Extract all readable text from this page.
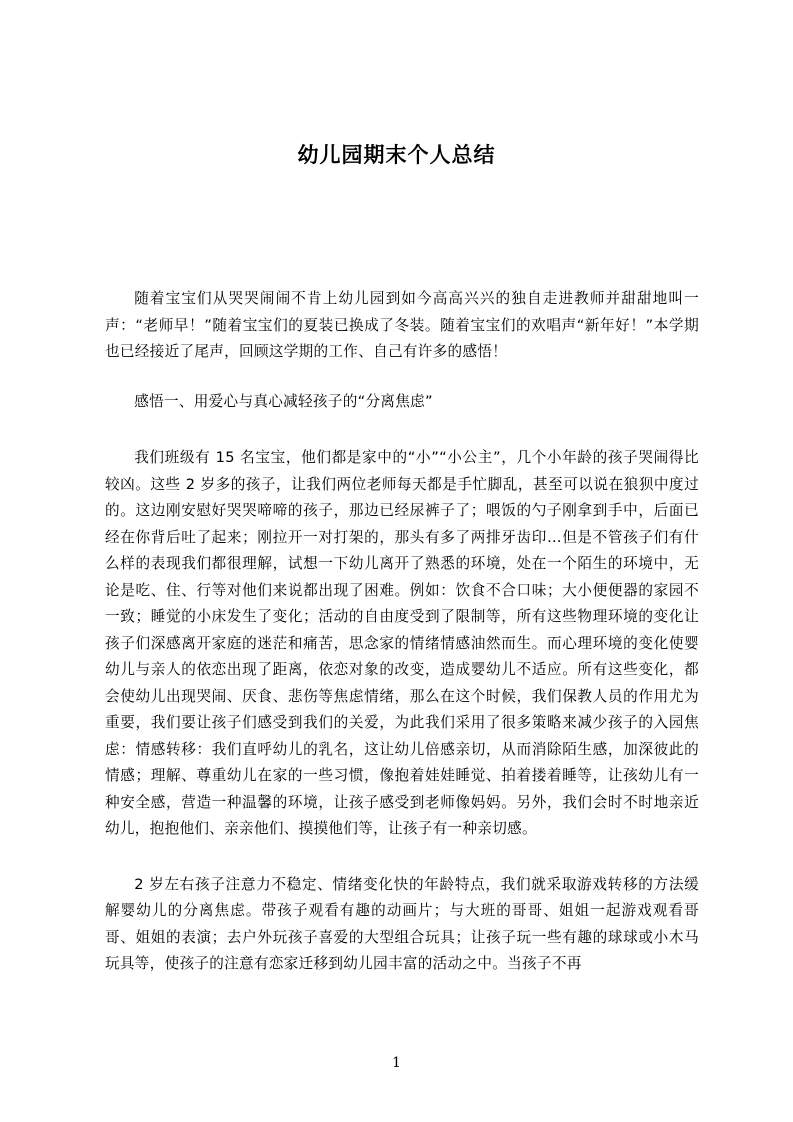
幼儿园期末个人总结

随着宝宝们从哭哭闹闹不肯上幼儿园到如今高高兴兴的独自走进教师并甜甜地叫一声：“老师早！”随着宝宝们的夏装已换成了冬装。随着宝宝们的欢唱声“新年好！”本学期也已经接近了尾声，回顾这学期的工作、自己有许多的感悟！

感悟一、用爱心与真心减轻孩子的“分离焦虑”

我们班级有 15 名宝宝，他们都是家中的“小”“小公主”，几个小年龄的孩子哭闹得比较凶。这些 2 岁多的孩子，让我们两位老师每天都是手忙脚乱，甚至可以说在狼狈中度过的。这边刚安慰好哭哭啼啼的孩子，那边已经尿裤子了；喂饭的勺子刚拿到手中，后面已经在你背后吐了起来；刚拉开一对打架的，那头有多了两排牙齿印…但是不管孩子们有什么样的表现我们都很理解，试想一下幼儿离开了熟悉的环境，处在一个陌生的环境中，无论是吃、住、行等对他们来说都出现了困难。例如：饮食不合口味；大小便便器的家园不一致；睡觉的小床发生了变化；活动的自由度受到了限制等，所有这些物理环境的变化让孩子们深感离开家庭的迷茫和痛苦，思念家的情绪情感油然而生。而心理环境的变化使婴幼儿与亲人的依恋出现了距离，依恋对象的改变，造成婴幼儿不适应。所有这些变化，都会使幼儿出现哭闹、厌食、悲伤等焦虑情绪，那么在这个时候，我们保教人员的作用尤为重要，我们要让孩子们感受到我们的关爱，为此我们采用了很多策略来减少孩子的入园焦虑：情感转移：我们直呼幼儿的乳名，这让幼儿倍感亲切，从而消除陌生感，加深彼此的情感；理解、尊重幼儿在家的一些习惯，像抱着娃娃睡觉、拍着搂着睡等，让孩幼儿有一种安全感，营造一种温馨的环境，让孩子感受到老师像妈妈。另外，我们会时不时地亲近幼儿，抱抱他们、亲亲他们、摸摸他们等，让孩子有一种亲切感。

2 岁左右孩子注意力不稳定、情绪变化快的年龄特点，我们就采取游戏转移的方法缓解婴幼儿的分离焦虑。带孩子观看有趣的动画片；与大班的哥哥、姐姐一起游戏观看哥哥、姐姐的表演；去户外玩孩子喜爱的大型组合玩具；让孩子玩一些有趣的球球或小木马玩具等，使孩子的注意有恋家迁移到幼儿园丰富的活动之中。当孩子不再

1
